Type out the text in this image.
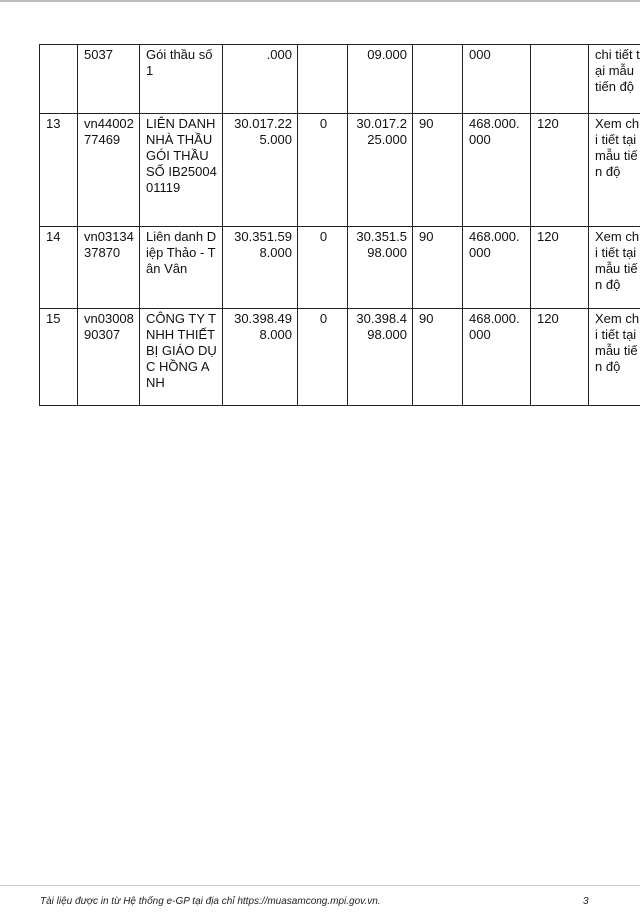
	5037	Gói thầu số 1	.000		09.000		000		chi tiết tại mẫu tiến độ
13	vn4400277469	LIÊN DANH NHÀ THẦU GÓI THẦU SỐ IB2500401119	30.017.225.000	0	30.017.225.000	90	468.000.000	120	Xem chi tiết tại mẫu tiến độ
14	vn0313437870	Liên danh Diệp Thảo - Tân Vân	30.351.598.000	0	30.351.598.000	90	468.000.000	120	Xem chi tiết tại mẫu tiến độ
15	vn0300890307	CÔNG TY TNHH THIẾT BỊ GIÁO DỤC HỒNG ANH	30.398.498.000	0	30.398.498.000	90	468.000.000	120	Xem chi tiết tại mẫu tiến độ
Tài liệu được in từ Hệ thống e-GP tại địa chỉ https://muasamcong.mpi.gov.vn.	3
